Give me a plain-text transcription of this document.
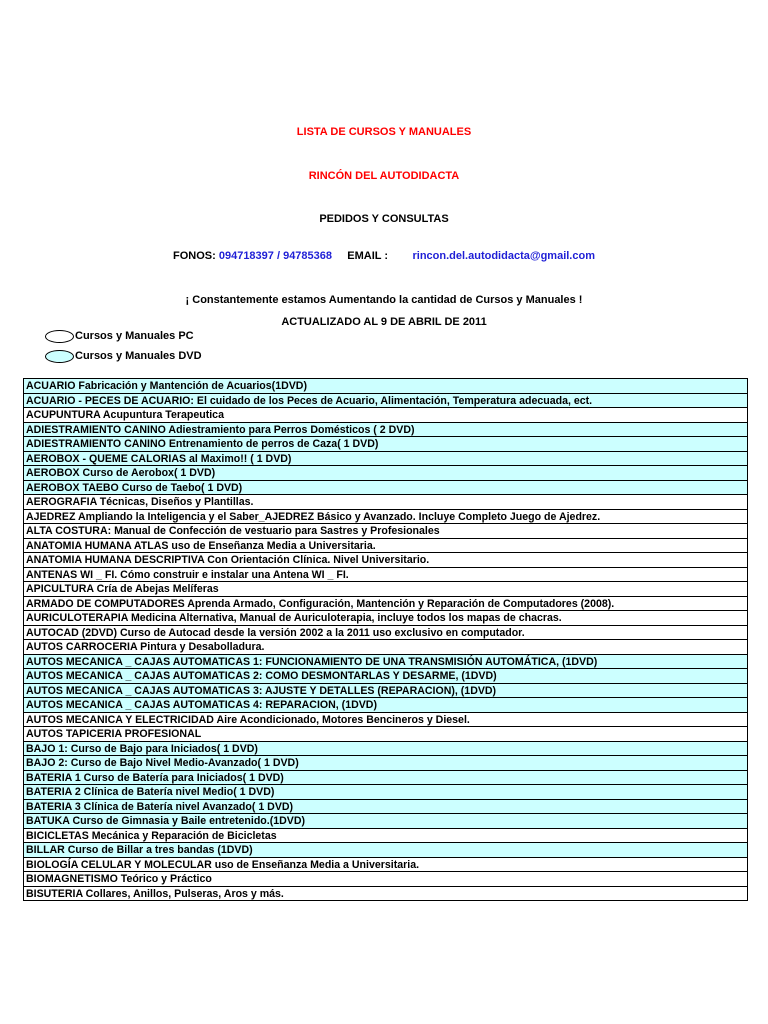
LISTA DE CURSOS Y MANUALES
RINCÓN DEL AUTODIDACTA
PEDIDOS Y CONSULTAS
FONOS: 094718397 / 94785368 EMAIL : rincon.del.autodidacta@gmail.com
¡ Constantemente estamos Aumentando la cantidad de Cursos y Manuales !
ACTUALIZADO AL 9 DE ABRIL DE 2011
Cursos y Manuales PC
Cursos y Manuales DVD
ACUARIO Fabricación y Mantención de Acuarios(1DVD)
ACUARIO - PECES DE ACUARIO: El cuidado de los Peces de Acuario, Alimentación, Temperatura adecuada, ect.
ACUPUNTURA Acupuntura Terapeutica
ADIESTRAMIENTO CANINO Adiestramiento para Perros Domésticos ( 2 DVD)
ADIESTRAMIENTO CANINO Entrenamiento de perros de Caza( 1 DVD)
AEROBOX - QUEME CALORIAS al Maximo!! ( 1 DVD)
AEROBOX Curso de Aerobox( 1 DVD)
AEROBOX TAEBO Curso de Taebo( 1 DVD)
AEROGRAFIA Técnicas, Diseños y Plantillas.
AJEDREZ Ampliando la Inteligencia y el Saber_AJEDREZ Básico y Avanzado. Incluye Completo Juego de Ajedrez.
ALTA COSTURA: Manual de Confección de vestuario para Sastres y Profesionales
ANATOMIA HUMANA ATLAS uso de Enseñanza Media a Universitaria.
ANATOMIA HUMANA DESCRIPTIVA Con Orientación Clínica. Nivel Universitario.
ANTENAS WI _ FI. Cómo construir e instalar una Antena WI _ FI.
APICULTURA Cría de Abejas Melíferas
ARMADO DE COMPUTADORES Aprenda Armado, Configuración, Mantención y Reparación de Computadores (2008).
AURICULOTERAPIA Medicina Alternativa, Manual de Auriculoterapia, incluye todos los mapas de chacras.
AUTOCAD (2DVD) Curso de Autocad desde la versión 2002 a la 2011 uso exclusivo en computador.
AUTOS CARROCERIA Pintura y Desabolladura.
AUTOS MECANICA _ CAJAS AUTOMATICAS 1: FUNCIONAMIENTO DE UNA TRANSMISIÓN AUTOMÁTICA, (1DVD)
AUTOS MECANICA _ CAJAS AUTOMATICAS 2: COMO DESMONTARLAS Y DESARME, (1DVD)
AUTOS MECANICA _ CAJAS AUTOMATICAS 3: AJUSTE Y DETALLES (REPARACION), (1DVD)
AUTOS MECANICA _ CAJAS AUTOMATICAS 4: REPARACION, (1DVD)
AUTOS MECANICA Y ELECTRICIDAD Aire Acondicionado, Motores Bencineros y Diesel.
AUTOS TAPICERIA PROFESIONAL
BAJO 1: Curso de Bajo para Iniciados( 1 DVD)
BAJO 2: Curso de Bajo Nivel Medio-Avanzado( 1 DVD)
BATERIA 1 Curso de Batería para Iniciados( 1 DVD)
BATERIA 2 Clínica de Batería nivel Medio( 1 DVD)
BATERIA 3 Clínica de Batería nivel Avanzado( 1 DVD)
BATUKA Curso de Gimnasia y Baile entretenido.(1DVD)
BICICLETAS Mecánica y Reparación de Bicicletas
BILLAR Curso de Billar a tres bandas (1DVD)
BIOLOGÍA CELULAR Y MOLECULAR uso de Enseñanza Media a Universitaria.
BIOMAGNETISMO Teórico y Práctico
BISUTERIA Collares, Anillos, Pulseras, Aros y más.
